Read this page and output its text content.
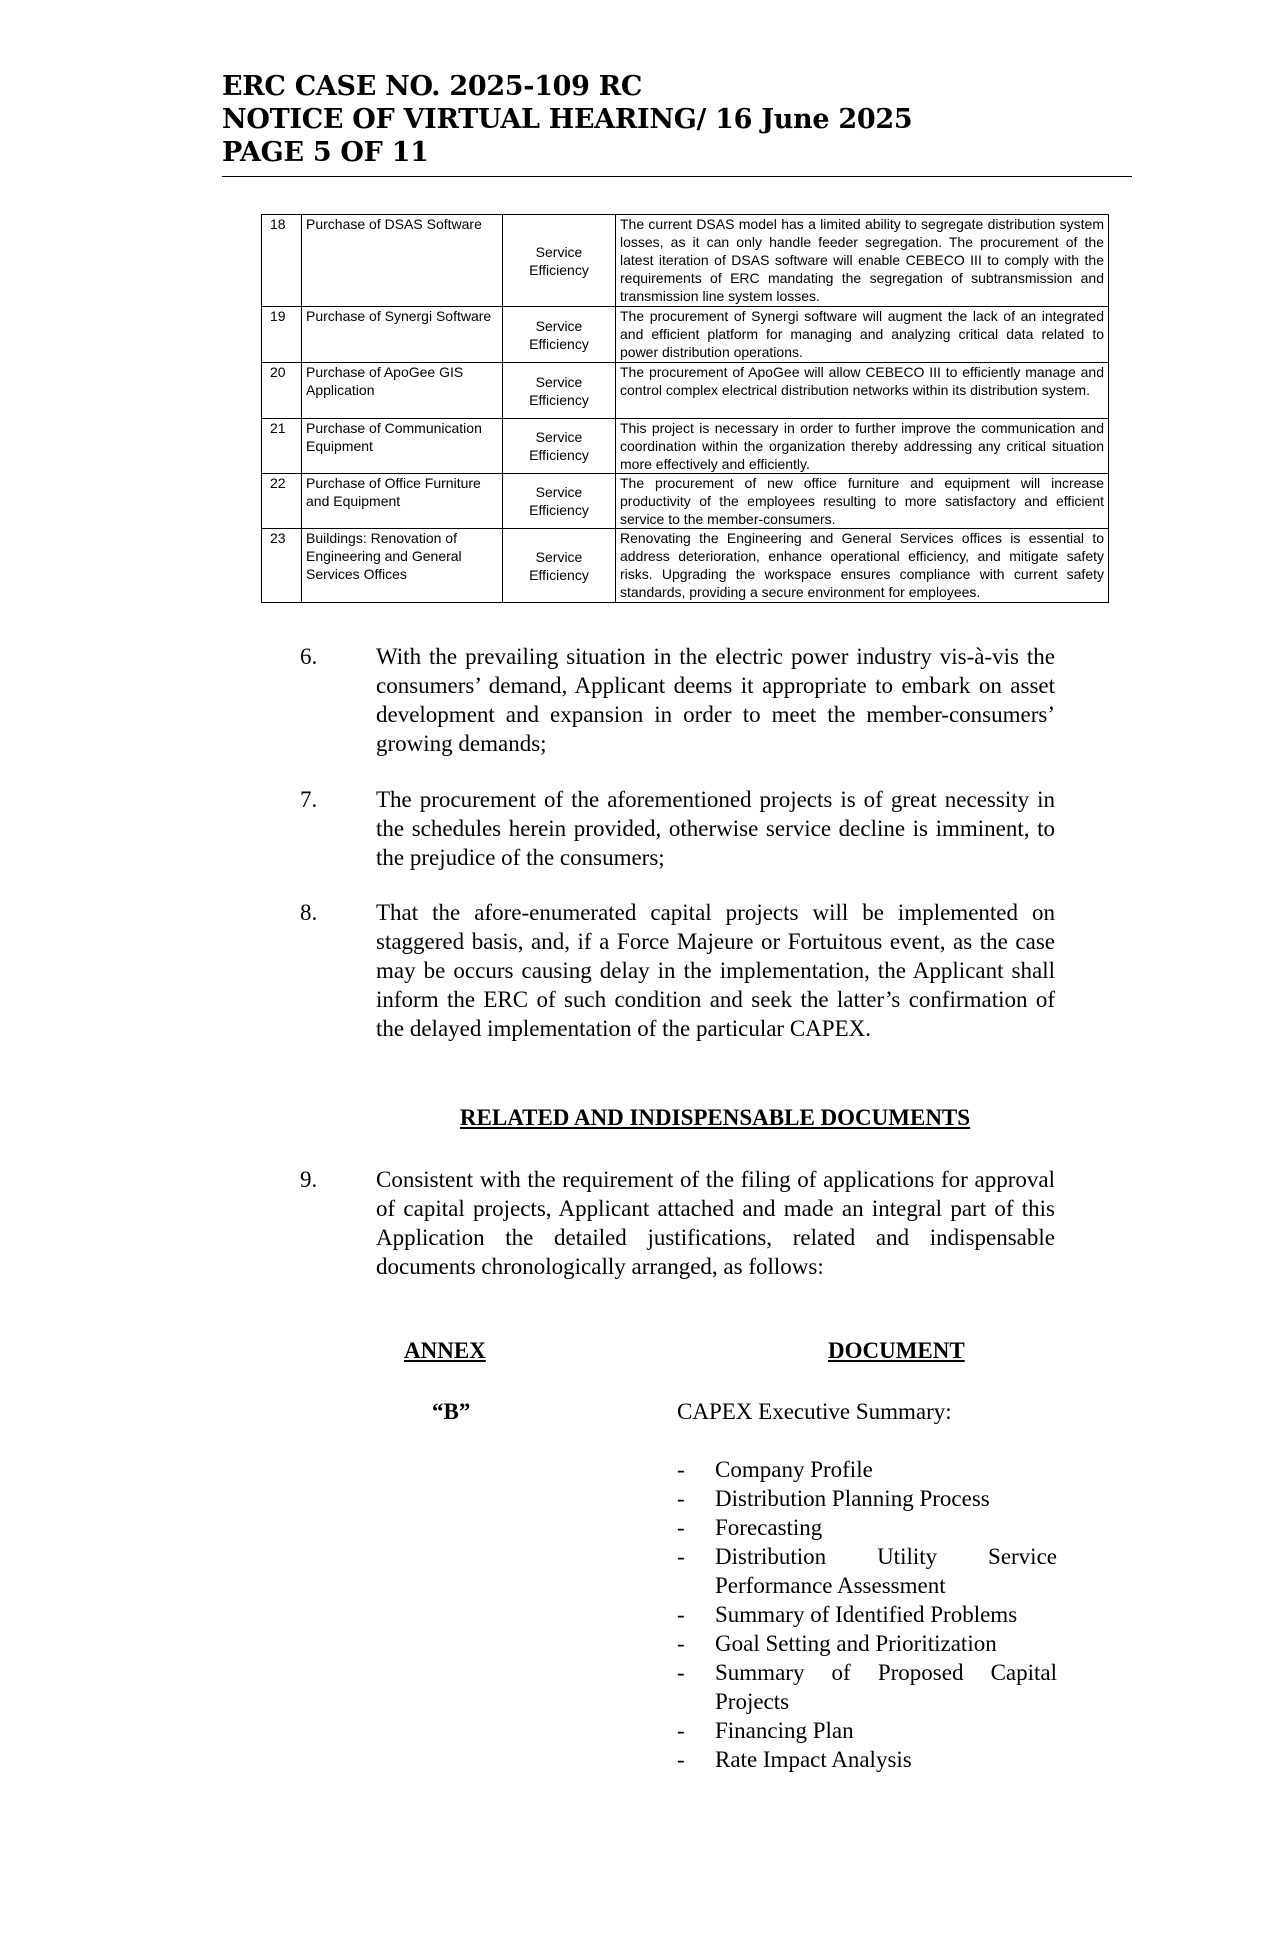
ERC CASE NO. 2025-109 RC
NOTICE OF VIRTUAL HEARING/ 16 June 2025
PAGE 5 OF 11
18	Purchase of DSAS Software	Service Efficiency	The current DSAS model has a limited ability to segregate distribution system losses, as it can only handle feeder segregation. The procurement of the latest iteration of DSAS software will enable CEBECO III to comply with the requirements of ERC mandating the segregation of subtransmission and transmission line system losses.
19	Purchase of Synergi Software	Service Efficiency	The procurement of Synergi software will augment the lack of an integrated and efficient platform for managing and analyzing critical data related to power distribution operations.
20	Purchase of ApoGee GIS Application	Service Efficiency	The procurement of ApoGee will allow CEBECO III to efficiently manage and control complex electrical distribution networks within its distribution system.
21	Purchase of Communication Equipment	Service Efficiency	This project is necessary in order to further improve the communication and coordination within the organization thereby addressing any critical situation more effectively and efficiently.
22	Purchase of Office Furniture and Equipment	Service Efficiency	The procurement of new office furniture and equipment will increase productivity of the employees resulting to more satisfactory and efficient service to the member-consumers.
23	Buildings: Renovation of Engineering and General Services Offices	Service Efficiency	Renovating the Engineering and General Services offices is essential to address deterioration, enhance operational efficiency, and mitigate safety risks. Upgrading the workspace ensures compliance with current safety standards, providing a secure environment for employees.
6.	With the prevailing situation in the electric power industry vis-à-vis the consumers’ demand, Applicant deems it appropriate to embark on asset development and expansion in order to meet the member-consumers’ growing demands;
7.	The procurement of the aforementioned projects is of great necessity in the schedules herein provided, otherwise service decline is imminent, to the prejudice of the consumers;
8.	That the afore-enumerated capital projects will be implemented on staggered basis, and, if a Force Majeure or Fortuitous event, as the case may be occurs causing delay in the implementation, the Applicant shall inform the ERC of such condition and seek the latter’s confirmation of the delayed implementation of the particular CAPEX.
RELATED AND INDISPENSABLE DOCUMENTS
9.	Consistent with the requirement of the filing of applications for approval of capital projects, Applicant attached and made an integral part of this Application the detailed justifications, related and indispensable documents chronologically arranged, as follows:
ANNEX	DOCUMENT
“B”	CAPEX Executive Summary:
- Company Profile
- Distribution Planning Process
- Forecasting
- Distribution Utility Service Performance Assessment
- Summary of Identified Problems
- Goal Setting and Prioritization
- Summary of Proposed Capital Projects
- Financing Plan
- Rate Impact Analysis
